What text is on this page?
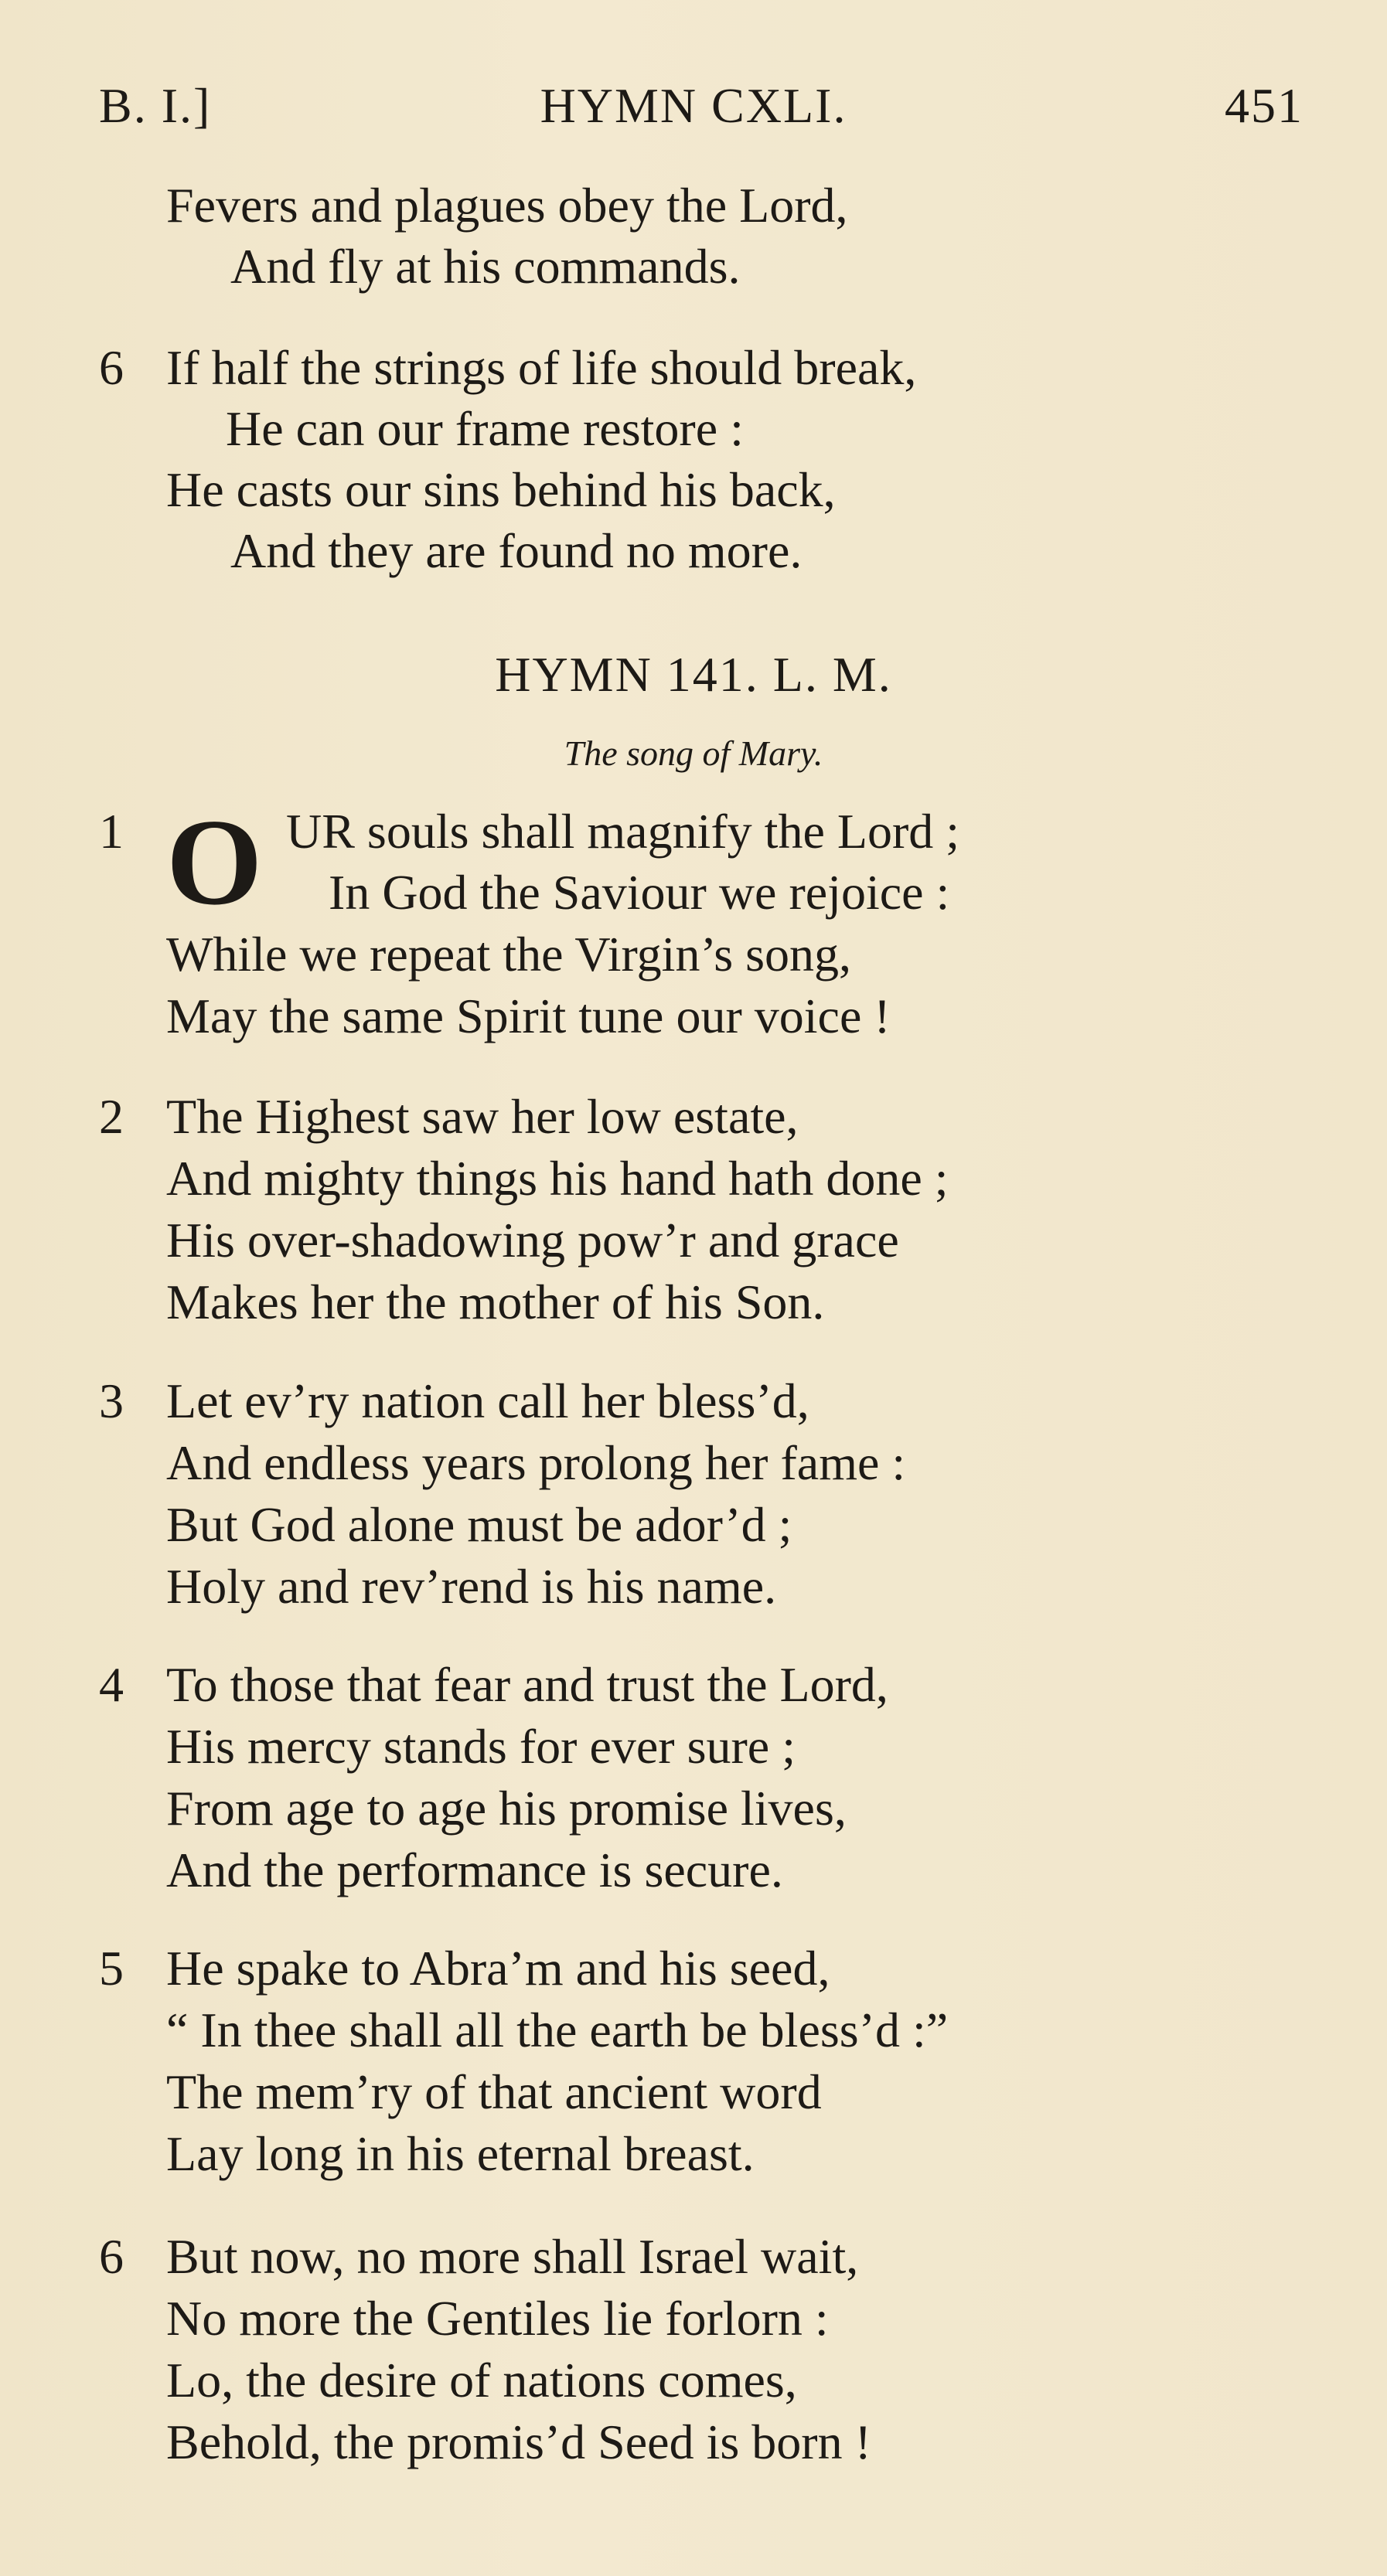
B. I.]	HYMN CXLI.	451
Fevers and plagues obey the Lord,
And fly at his commands.
6 If half the strings of life should break,
He can our frame restore :
He casts our sins behind his back,
And they are found no more.
HYMN 141. L. M.
The song of Mary.
1 O UR souls shall magnify the Lord ;
In God the Saviour we rejoice :
While we repeat the Virgin’s song,
May the same Spirit tune our voice !
2 The Highest saw her low estate,
And mighty things his hand hath done ;
His over-shadowing pow’r and grace
Makes her the mother of his Son.
3 Let ev’ry nation call her bless’d,
And endless years prolong her fame :
But God alone must be ador’d ;
Holy and rev’rend is his name.
4 To those that fear and trust the Lord,
His mercy stands for ever sure ;
From age to age his promise lives,
And the performance is secure.
5 He spake to Abra’m and his seed,
“ In thee shall all the earth be bless’d :”
The mem’ry of that ancient word
Lay long in his eternal breast.
6 But now, no more shall Israel wait,
No more the Gentiles lie forlorn :
Lo, the desire of nations comes,
Behold, the promis’d Seed is born !
